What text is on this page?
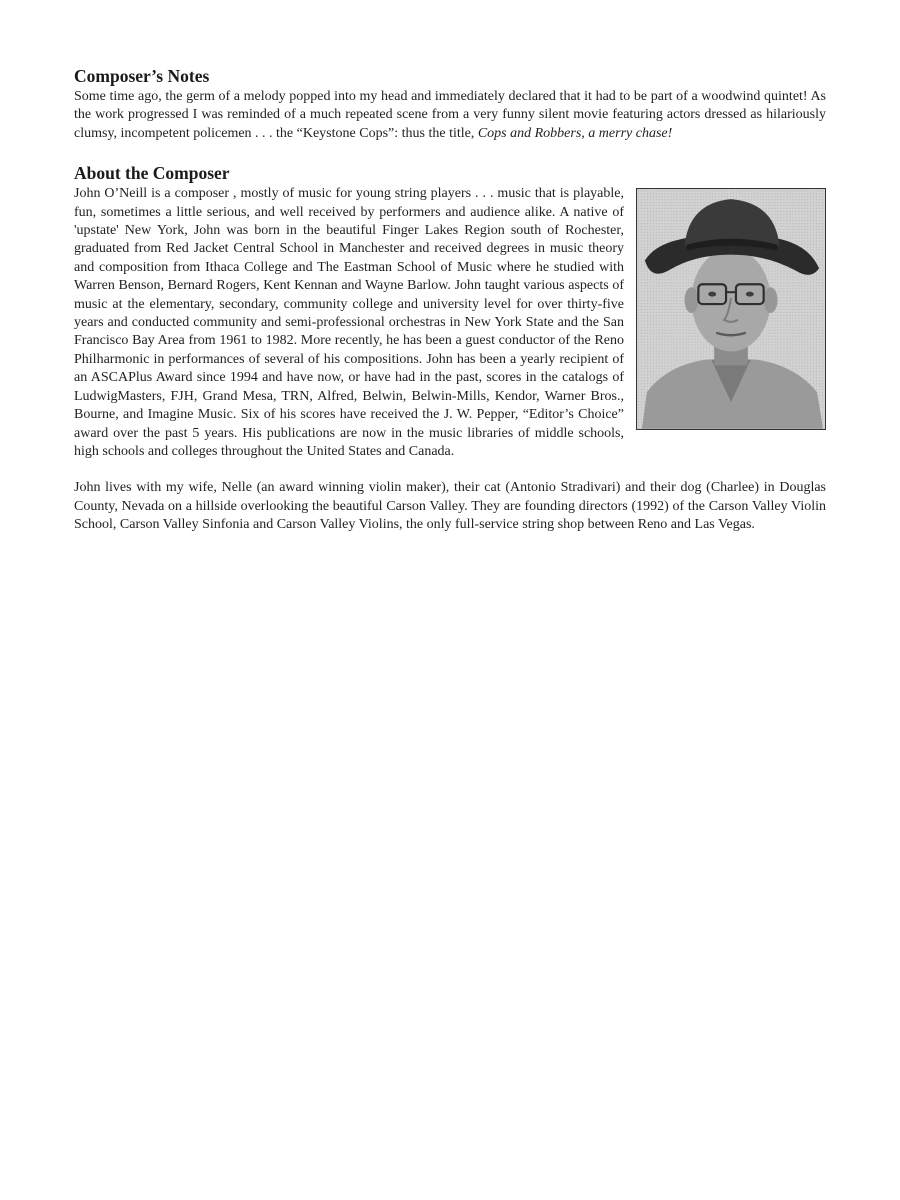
Composer’s Notes

Some time ago, the germ of a melody popped into my head and immediately declared that it had to be part of a woodwind quintet! As the work progressed I was reminded of a much repeated scene from a very funny silent movie featuring actors dressed as hilariously clumsy, incompetent policemen . . . the “Keystone Cops”: thus the title, Cops and Robbers, a merry chase!

About the Composer

John O’Neill is a composer , mostly of music for young string players . . . music that is playable, fun, sometimes a little serious, and well received by performers and audience alike. A native of 'upstate' New York, John was born in the beautiful Finger Lakes Region south of Rochester, graduated from Red Jacket Central School in Manchester and received degrees in music theory and composition from Ithaca College and The Eastman School of Music where he studied with Warren Benson, Bernard Rogers, Kent Kennan and Wayne Barlow. John taught various aspects of music at the elementary, secondary, community college and university level for over thirty-five years and conducted community and semi-professional orchestras in New York State and the San Francisco Bay Area from 1961 to 1982. More recently, he has been a guest conductor of the Reno Philharmonic in performances of several of his compositions. John has been a yearly recipient of an ASCAPlus Award since 1994 and have now, or have had in the past, scores in the catalogs of LudwigMasters, FJH, Grand Mesa, TRN, Alfred, Belwin, Belwin-Mills, Kendor, Warner Bros., Bourne, and Imagine Music. Six of his scores have received the J. W. Pepper, “Editor’s Choice” award over the past 5 years. His publications are now in the music libraries of middle schools, high schools and colleges throughout the United States and Canada.

John lives with my wife, Nelle (an award winning violin maker), their cat (Antonio Stradivari) and their dog (Charlee) in Douglas County, Nevada on a hillside overlooking the beautiful Carson Valley. They are founding directors (1992) of the Carson Valley Violin School, Carson Valley Sinfonia and Carson Valley Violins, the only full-service string shop between Reno and Las Vegas.
